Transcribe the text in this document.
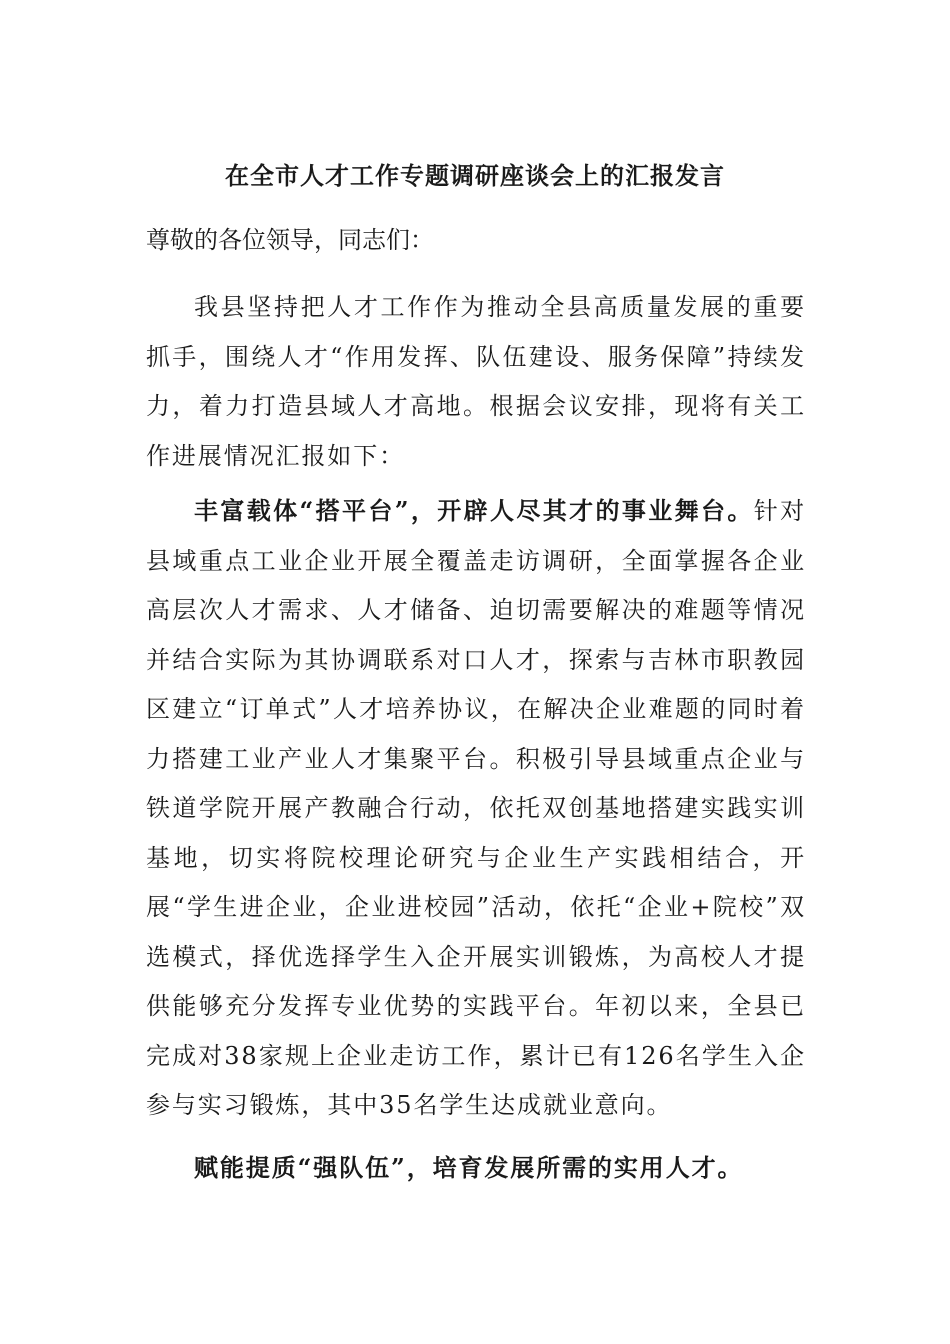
在全市人才工作专题调研座谈会上的汇报发言

尊敬的各位领导，同志们：

我县坚持把人才工作作为推动全县高质量发展的重要抓手，围绕人才“作用发挥、队伍建设、服务保障”持续发力，着力打造县域人才高地。根据会议安排，现将有关工作进展情况汇报如下：

丰富载体“搭平台”，开辟人尽其才的事业舞台。针对县域重点工业企业开展全覆盖走访调研，全面掌握各企业高层次人才需求、人才储备、迫切需要解决的难题等情况并结合实际为其协调联系对口人才，探索与吉林市职教园区建立“订单式”人才培养协议，在解决企业难题的同时着力搭建工业产业人才集聚平台。积极引导县域重点企业与铁道学院开展产教融合行动，依托双创基地搭建实践实训基地，切实将院校理论研究与企业生产实践相结合，开展“学生进企业，企业进校园”活动，依托“企业+院校”双选模式，择优选择学生入企开展实训锻炼，为高校人才提供能够充分发挥专业优势的实践平台。年初以来，全县已完成对38家规上企业走访工作，累计已有126名学生入企参与实习锻炼，其中35名学生达成就业意向。

赋能提质“强队伍”，培育发展所需的实用人才。
